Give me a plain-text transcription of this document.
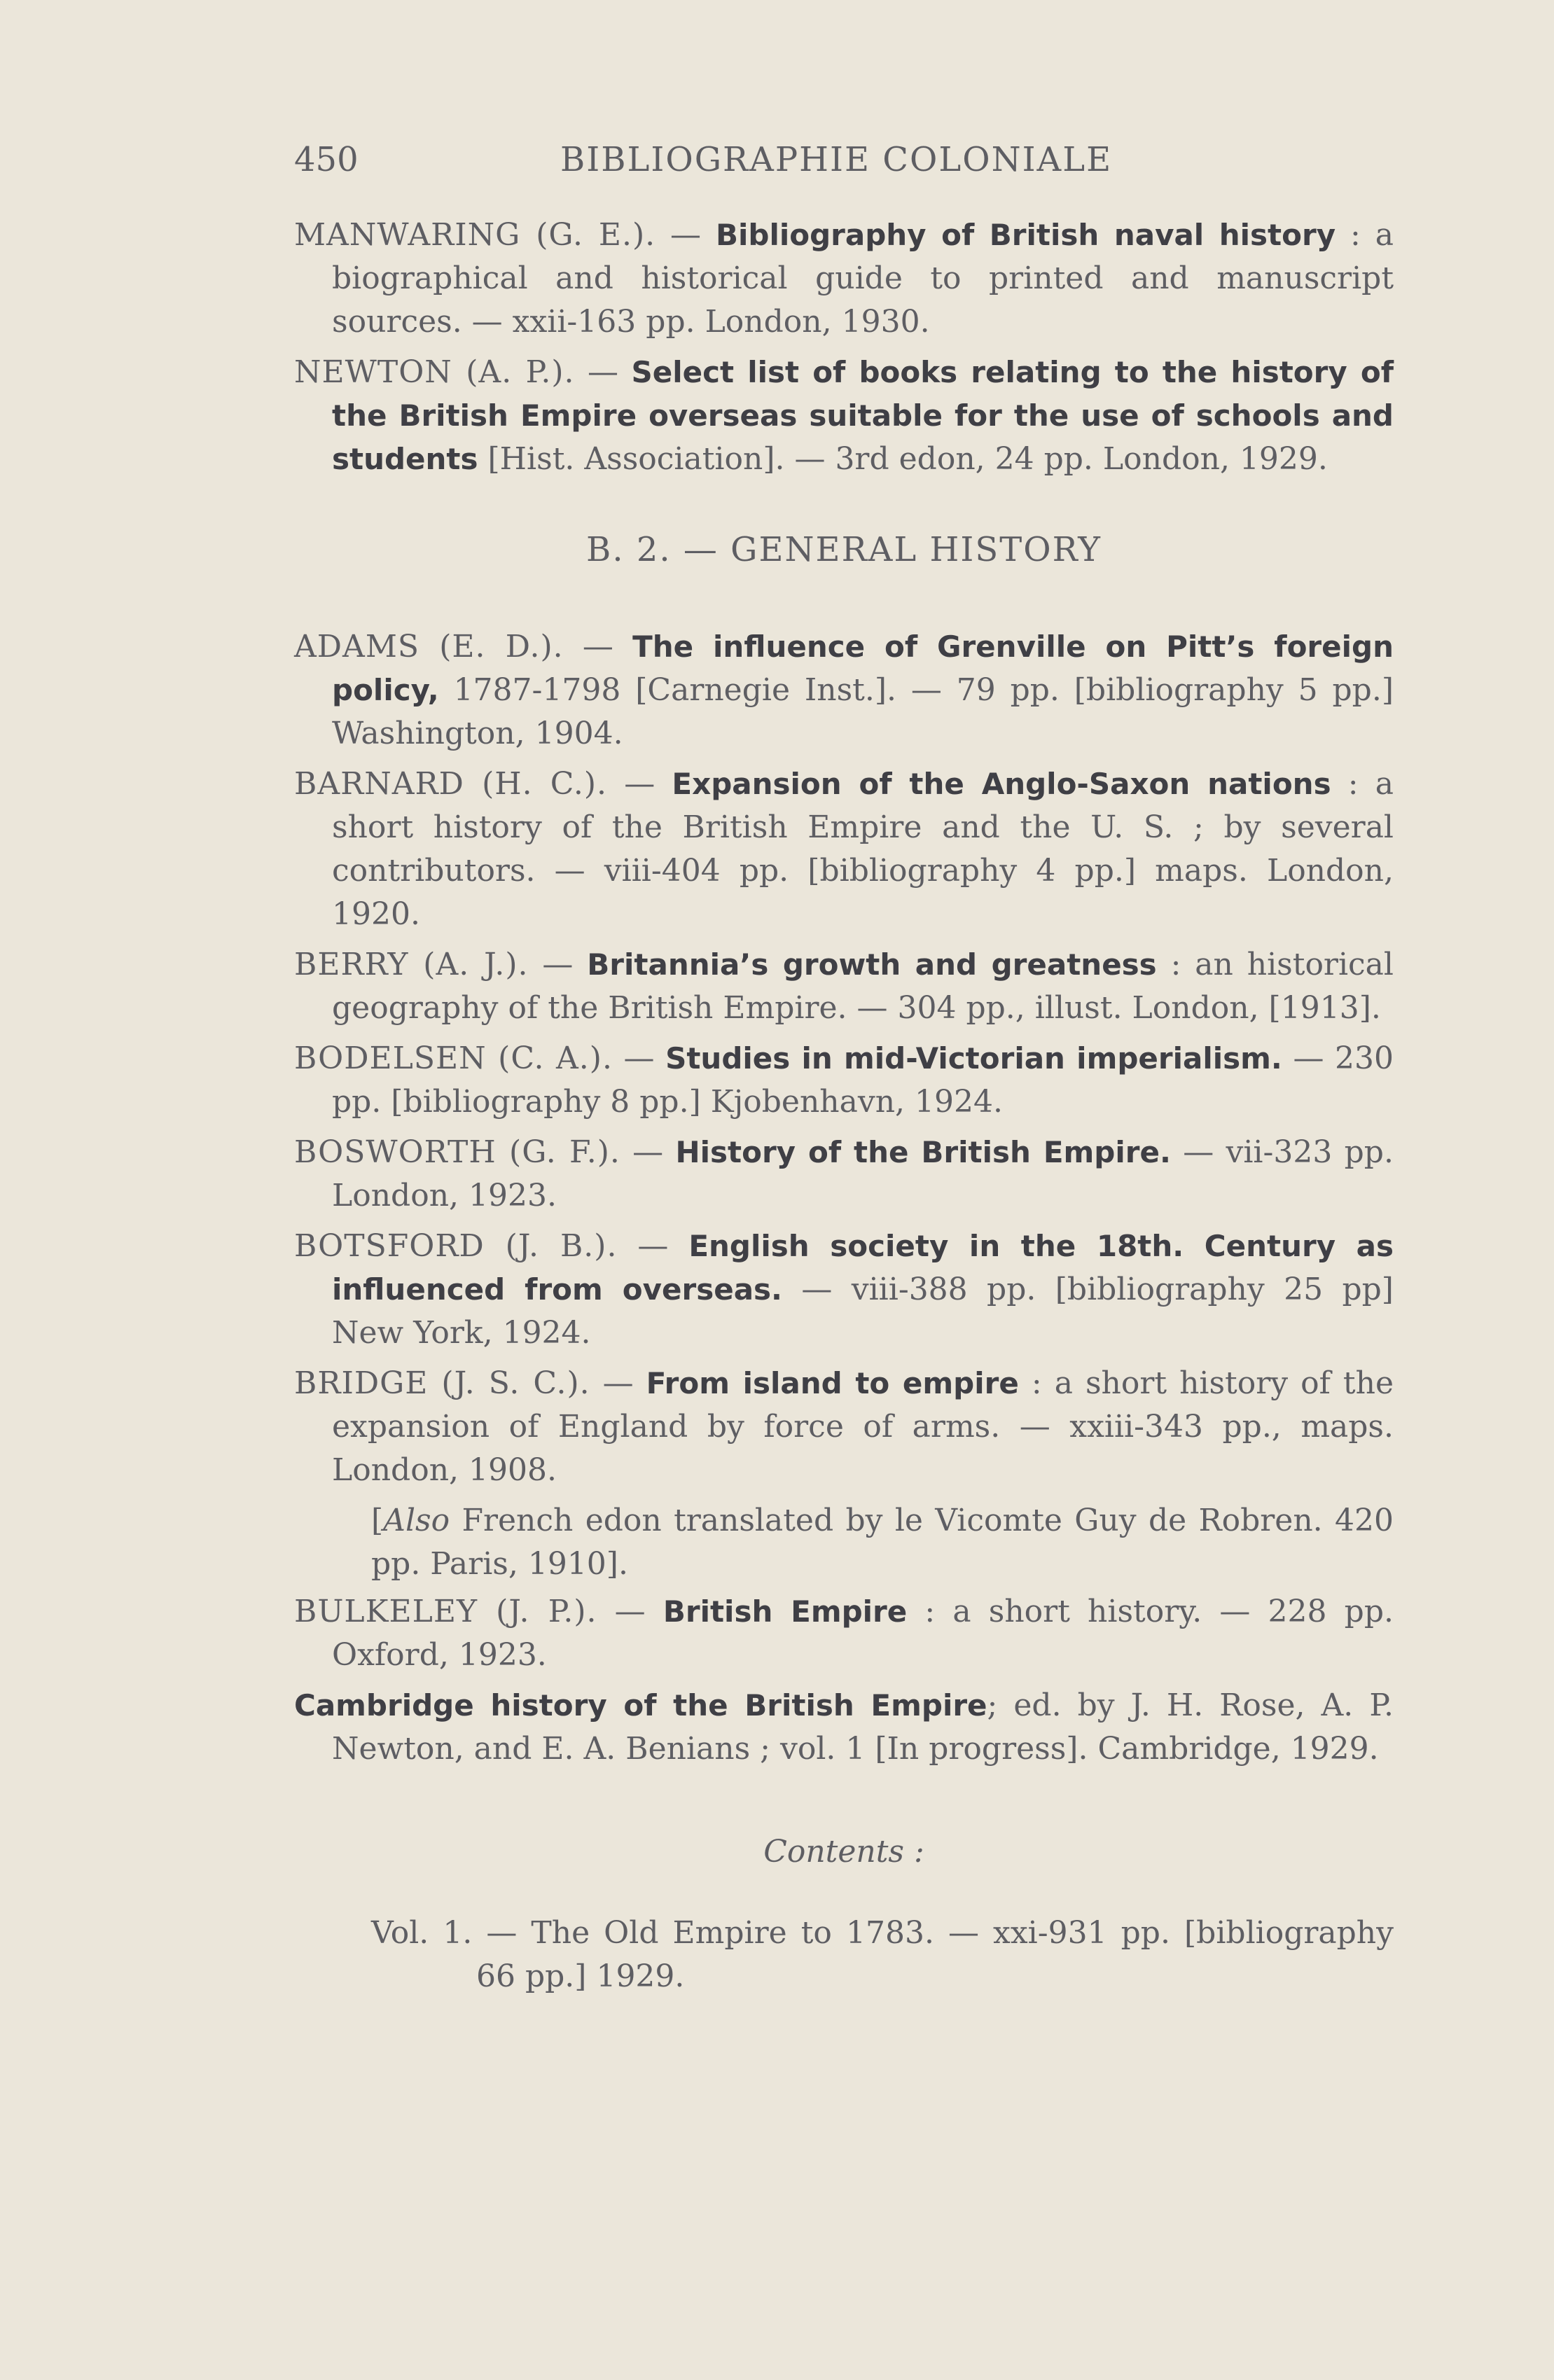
450	BIBLIOGRAPHIE COLONIALE

MANWARING (G. E.). — Bibliography of British naval history : a biographical and historical guide to printed and manuscript sources. — xxii-163 pp. London, 1930.

NEWTON (A. P.). — Select list of books relating to the history of the British Empire overseas suitable for the use of schools and students [Hist. Association]. — 3rd edon, 24 pp. London, 1929.

B. 2. — GENERAL HISTORY

ADAMS (E. D.). — The influence of Grenville on Pitt’s foreign policy, 1787-1798 [Carnegie Inst.]. — 79 pp. [bibliography 5 pp.] Washington, 1904.

BARNARD (H. C.). — Expansion of the Anglo-Saxon nations : a short history of the British Empire and the U. S. ; by several contributors. — viii-404 pp. [bibliography 4 pp.] maps. London, 1920.

BERRY (A. J.). — Britannia’s growth and greatness : an historical geography of the British Empire. — 304 pp., illust. London, [1913].

BODELSEN (C. A.). — Studies in mid-Victorian imperialism. — 230 pp. [bibliography 8 pp.] Kjobenhavn, 1924.

BOSWORTH (G. F.). — History of the British Empire. — vii-323 pp. London, 1923.

BOTSFORD (J. B.). — English society in the 18th. Century as influenced from overseas. — viii-388 pp. [bibliography 25 pp] New York, 1924.

BRIDGE (J. S. C.). — From island to empire : a short history of the expansion of England by force of arms. — xxiii-343 pp., maps. London, 1908.

[Also French edon translated by le Vicomte Guy de Robren. 420 pp. Paris, 1910].

BULKELEY (J. P.). — British Empire : a short history. — 228 pp. Oxford, 1923.

Cambridge history of the British Empire; ed. by J. H. Rose, A. P. Newton, and E. A. Benians ; vol. 1 [In progress]. Cambridge, 1929.

Contents :

Vol. 1. — The Old Empire to 1783. — xxi-931 pp. [bibliography 66 pp.] 1929.
